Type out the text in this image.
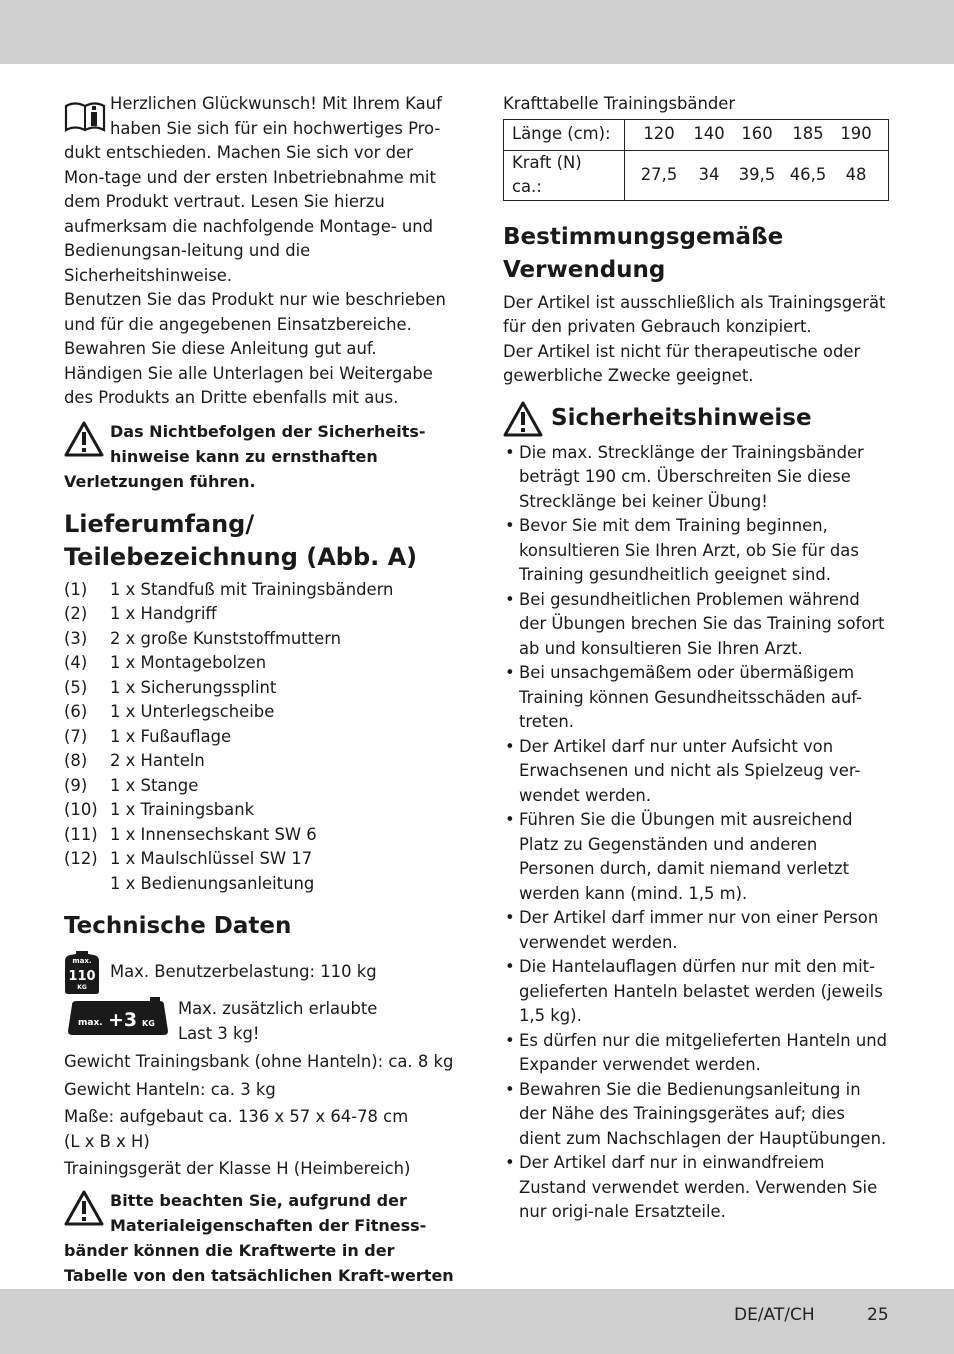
Herzlichen Glückwunsch! Mit Ihrem Kauf haben Sie sich für ein hochwertiges Pro-dukt entschieden. Machen Sie sich vor der Mon-tage und der ersten Inbetriebnahme mit dem Produkt vertraut. Lesen Sie hierzu aufmerksam die nachfolgende Montage- und Bedienungsan-leitung und die Sicherheitshinweise.

Benutzen Sie das Produkt nur wie beschrieben und für die angegebenen Einsatzbereiche. Bewahren Sie diese Anleitung gut auf. Händigen Sie alle Unterlagen bei Weitergabe des Produkts an Dritte ebenfalls mit aus.

Das Nichtbefolgen der Sicherheits-hinweise kann zu ernsthaften Verletzungen führen.

Lieferumfang/
Teilebezeichnung (Abb. A)
(1)	1 x Standfuß mit Trainingsbändern
(2)	1 x Handgriff
(3)	2 x große Kunststoffmuttern
(4)	1 x Montagebolzen
(5)	1 x Sicherungssplint
(6)	1 x Unterlegscheibe
(7)	1 x Fußauflage
(8)	2 x Hanteln
(9)	1 x Stange
(10) 1 x Trainingsbank
(11) 1 x Innensechskant SW 6
(12) 1 x Maulschlüssel SW 17
1 x Bedienungsanleitung
Technische Daten
max.
110
KG
Max. Benutzerbelastung: 110 kg
max. +3 KG
Max. zusätzlich erlaubte
Last 3 kg!

Gewicht Trainingsbank (ohne Hanteln): ca. 8 kg

Gewicht Hanteln: ca. 3 kg

Maße: aufgebaut ca. 136 x 57 x 64-78 cm

(L x B x H)

Trainingsgerät der Klasse H (Heimbereich)

Bitte beachten Sie, aufgrund der Materialeigenschaften der Fitness-bänder können die Kraftwerte in der Tabelle von den tatsächlichen Kraft-werten

Krafttabelle Trainingsbänder

Länge (cm):	120 140 160 185 190

Kraft (N) ca.:	27,5 34 39,5 46,5 48
Bestimmungsgemäße
Verwendung

Der Artikel ist ausschließlich als Trainingsgerät für den privaten Gebrauch konzipiert.

Der Artikel ist nicht für therapeutische oder gewerbliche Zwecke geeignet.

Sicherheitshinweise
• Die max. Strecklänge der Trainingsbänder beträgt 190 cm. Überschreiten Sie diese Strecklänge bei keiner Übung!
• Bevor Sie mit dem Training beginnen, konsultieren Sie Ihren Arzt, ob Sie für das Training gesundheitlich geeignet sind.
• Bei gesundheitlichen Problemen während der Übungen brechen Sie das Training sofort ab und konsultieren Sie Ihren Arzt.
• Bei unsachgemäßem oder übermäßigem Training können Gesundheitsschäden auf-treten.
• Der Artikel darf nur unter Aufsicht von Erwachsenen und nicht als Spielzeug ver-wendet werden.
• Führen Sie die Übungen mit ausreichend Platz zu Gegenständen und anderen Personen durch, damit niemand verletzt werden kann (mind. 1,5 m).
• Der Artikel darf immer nur von einer Person verwendet werden.
• Die Hantelauflagen dürfen nur mit den mit-gelieferten Hanteln belastet werden (jeweils 1,5 kg).
• Es dürfen nur die mitgelieferten Hanteln und Expander verwendet werden.
• Bewahren Sie die Bedienungsanleitung in der Nähe des Trainingsgerätes auf; dies dient zum Nachschlagen der Hauptübungen.
• Der Artikel darf nur in einwandfreiem Zustand verwendet werden. Verwenden Sie nur origi-nale Ersatzteile.
DE/AT/CH	25
